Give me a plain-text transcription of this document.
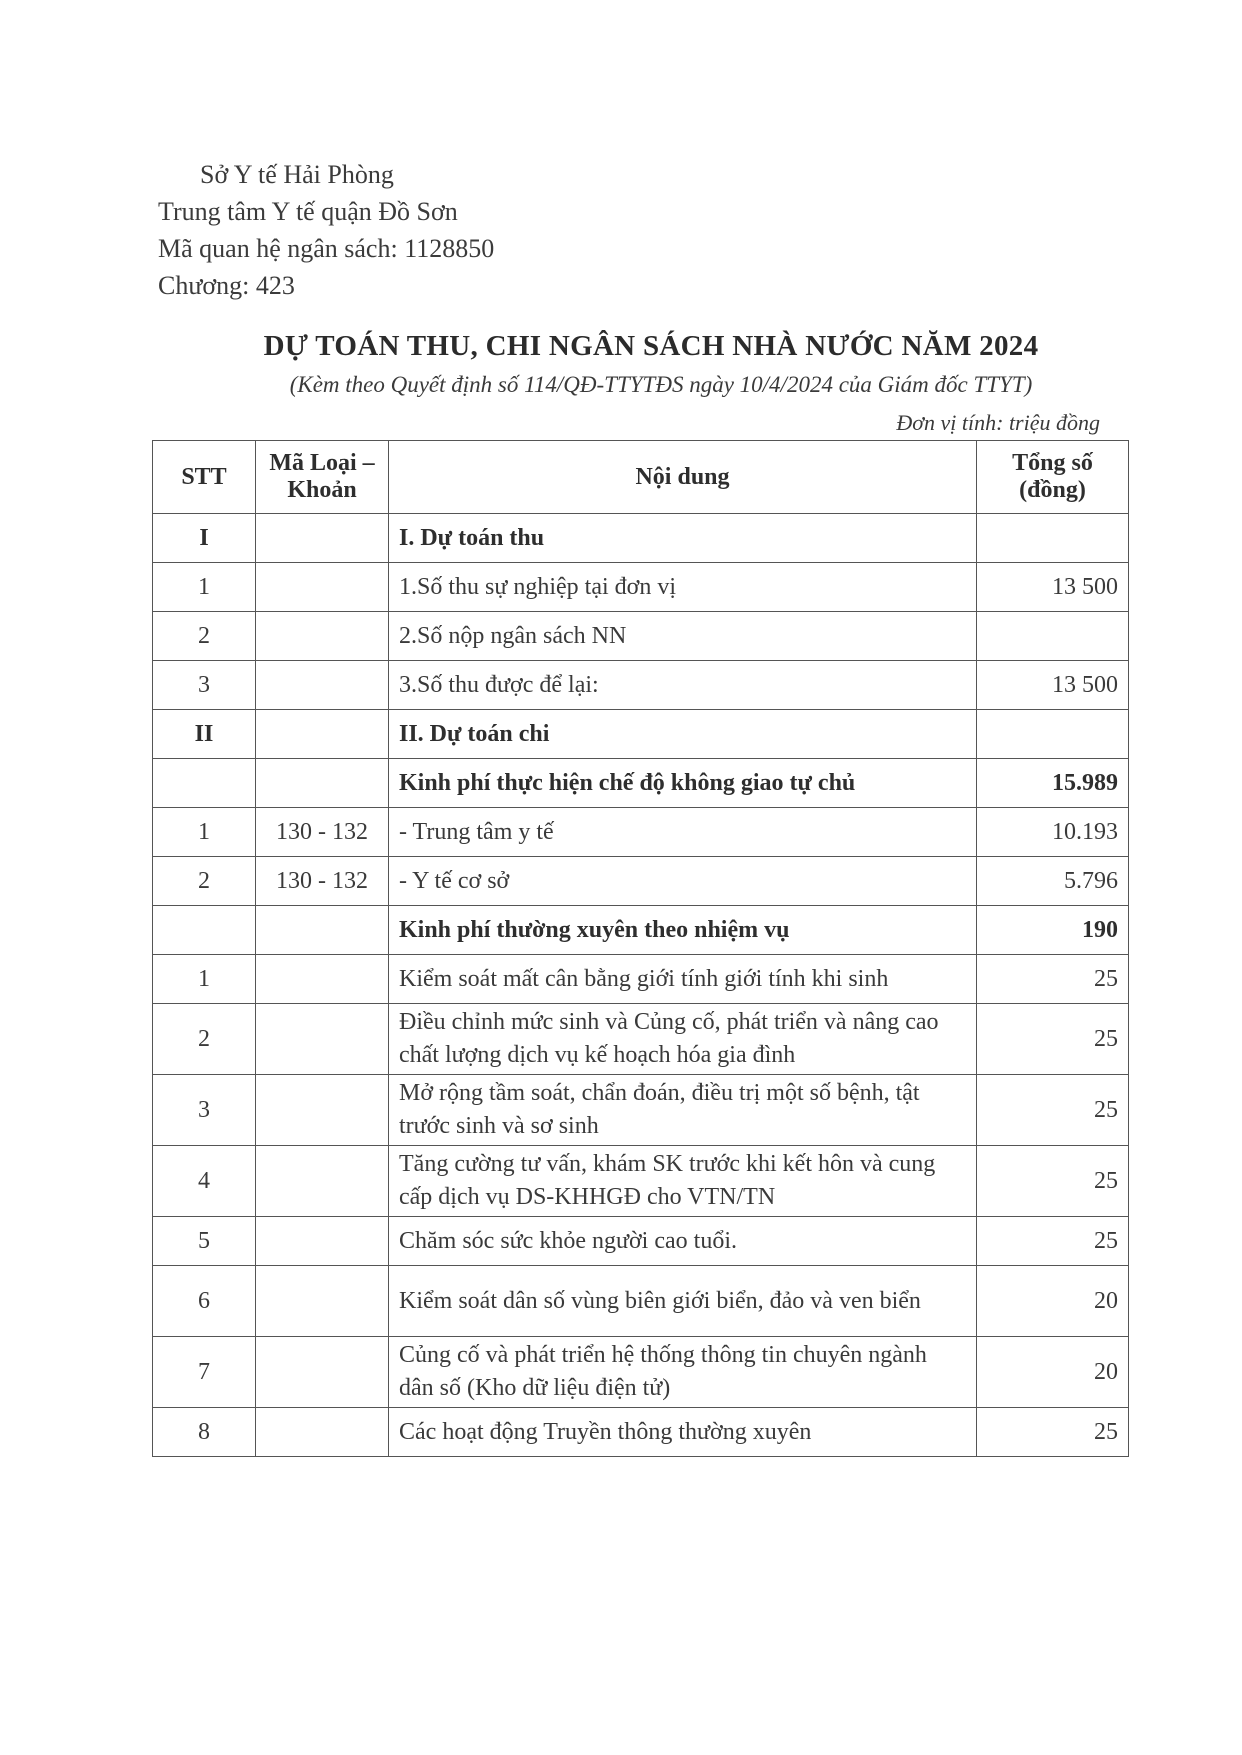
Sở Y tế Hải Phòng
Trung tâm Y tế quận Đồ Sơn
Mã quan hệ ngân sách: 1128850
Chương: 423
DỰ TOÁN THU, CHI NGÂN SÁCH NHÀ NƯỚC NĂM 2024
(Kèm theo Quyết định số 114/QĐ-TTYTĐS ngày 10/4/2024 của Giám đốc TTYT)
Đơn vị tính: triệu đồng
STT	Mã Loại – Khoản	Nội dung	Tổng số (đồng)
I		I. Dự toán thu	
1		1.Số thu sự nghiệp tại đơn vị	13 500
2		2.Số nộp ngân sách NN	
3		3.Số thu được để lại:	13 500
II		II. Dự toán chi	
		Kinh phí thực hiện chế độ không giao tự chủ	15.989
1	130 - 132	- Trung tâm y tế	10.193
2	130 - 132	- Y tế cơ sở	5.796
		Kinh phí thường xuyên theo nhiệm vụ	190
1		Kiểm soát mất cân bằng giới tính giới tính khi sinh	25
2		Điều chỉnh mức sinh và Củng cố, phát triển và nâng cao chất lượng dịch vụ kế hoạch hóa gia đình	25
3		Mở rộng tầm soát, chẩn đoán, điều trị một số bệnh, tật trước sinh và sơ sinh	25
4		Tăng cường tư vấn, khám SK trước khi kết hôn và cung cấp dịch vụ DS-KHHGĐ cho VTN/TN	25
5		Chăm sóc sức khỏe người cao tuổi.	25
6		Kiểm soát dân số vùng biên giới biển, đảo và ven biển	20
7		Củng cố và phát triển hệ thống thông tin chuyên ngành dân số (Kho dữ liệu điện tử)	20
8		Các hoạt động Truyền thông thường xuyên	25
